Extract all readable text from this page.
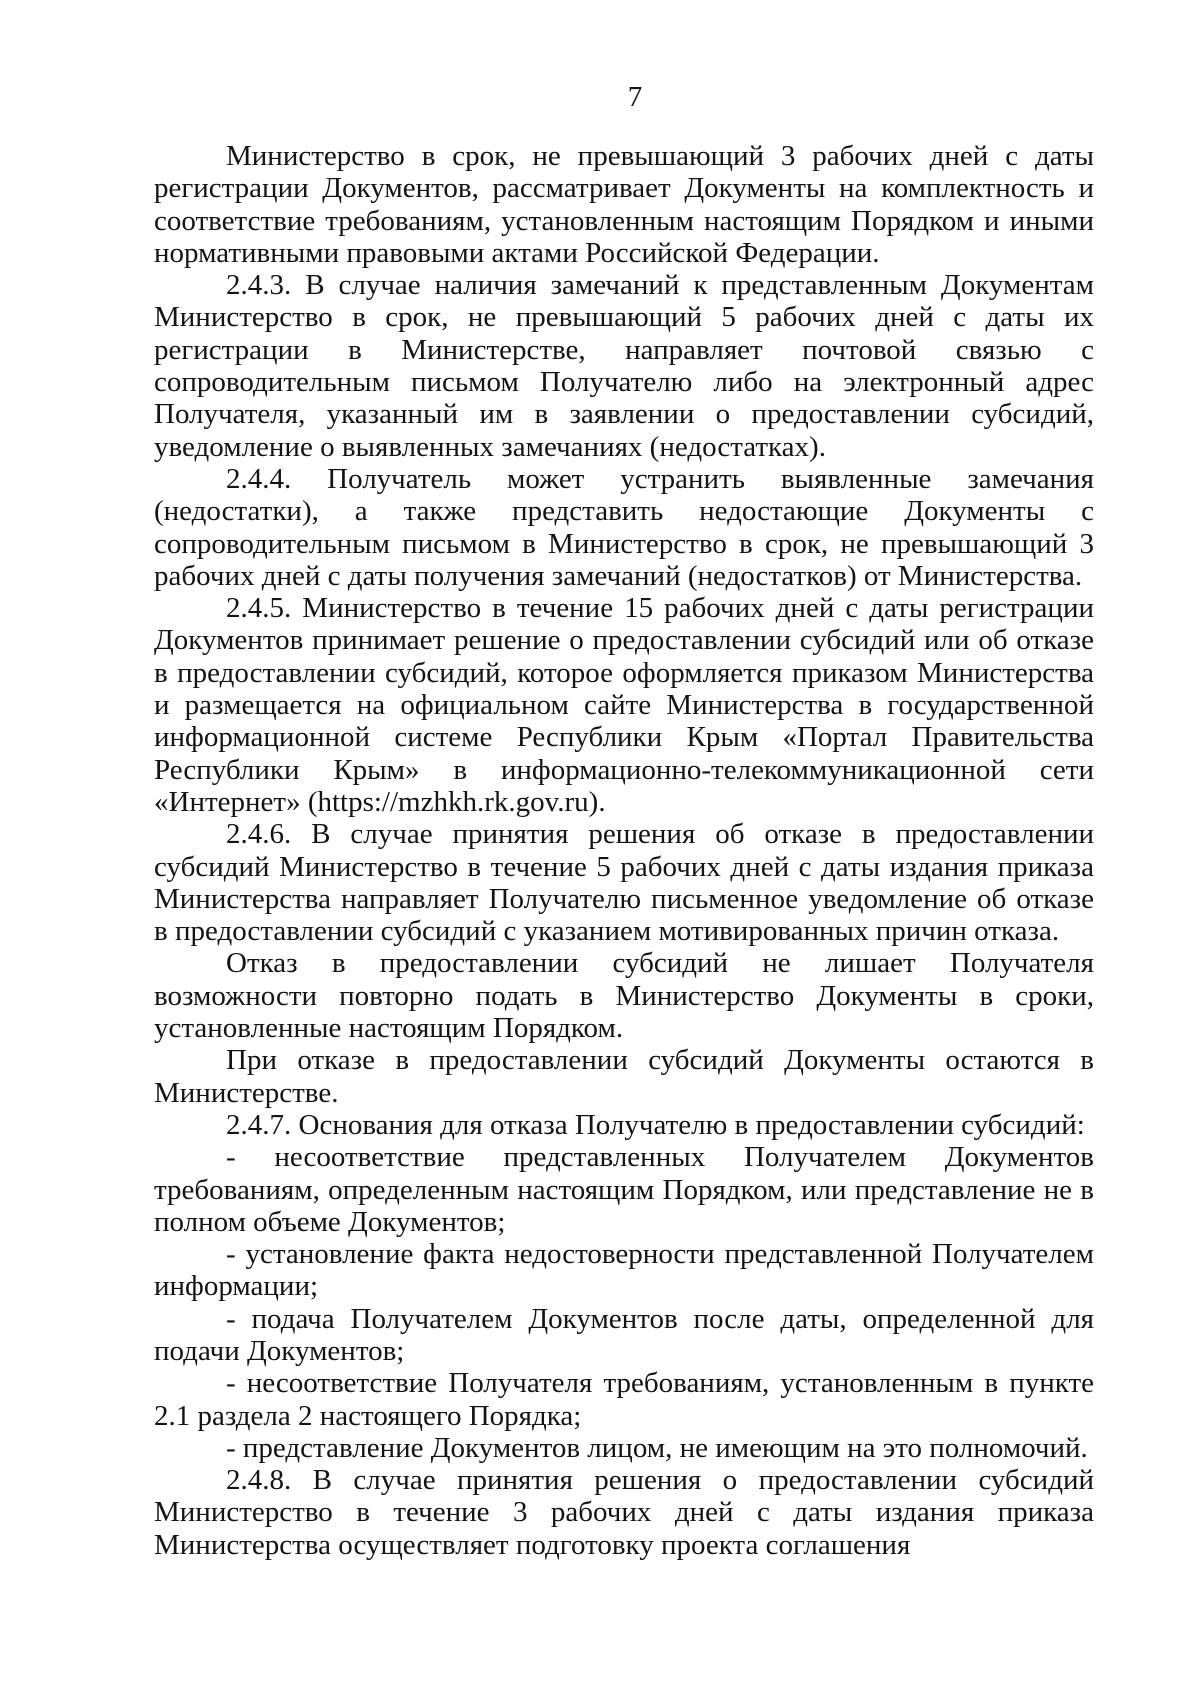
7

Министерство в срок, не превышающий 3 рабочих дней с даты регистрации Документов, рассматривает Документы на комплектность и соответствие требованиям, установленным настоящим Порядком и иными нормативными правовыми актами Российской Федерации.

2.4.3. В случае наличия замечаний к представленным Документам Министерство в срок, не превышающий 5 рабочих дней с даты их регистрации в Министерстве, направляет почтовой связью с сопроводительным письмом Получателю либо на электронный адрес Получателя, указанный им в заявлении о предоставлении субсидий, уведомление о выявленных замечаниях (недостатках).

2.4.4. Получатель может устранить выявленные замечания (недостатки), а также представить недостающие Документы с сопроводительным письмом в Министерство в срок, не превышающий 3 рабочих дней с даты получения замечаний (недостатков) от Министерства.

2.4.5. Министерство в течение 15 рабочих дней с даты регистрации Документов принимает решение о предоставлении субсидий или об отказе в предоставлении субсидий, которое оформляется приказом Министерства и размещается на официальном сайте Министерства в государственной информационной системе Республики Крым «Портал Правительства Республики Крым» в информационно-телекоммуникационной сети «Интернет» (https://mzhkh.rk.gov.ru).

2.4.6. В случае принятия решения об отказе в предоставлении субсидий Министерство в течение 5 рабочих дней с даты издания приказа Министерства направляет Получателю письменное уведомление об отказе в предоставлении субсидий с указанием мотивированных причин отказа.

Отказ в предоставлении субсидий не лишает Получателя возможности повторно подать в Министерство Документы в сроки, установленные настоящим Порядком.

При отказе в предоставлении субсидий Документы остаются в Министерстве.

2.4.7. Основания для отказа Получателю в предоставлении субсидий:

- несоответствие представленных Получателем Документов требованиям, определенным настоящим Порядком, или представление не в полном объеме Документов;

- установление факта недостоверности представленной Получателем информации;

- подача Получателем Документов после даты, определенной для подачи Документов;

- несоответствие Получателя требованиям, установленным в пункте 2.1 раздела 2 настоящего Порядка;

- представление Документов лицом, не имеющим на это полномочий.

2.4.8. В случае принятия решения о предоставлении субсидий Министерство в течение 3 рабочих дней с даты издания приказа Министерства осуществляет подготовку проекта соглашения
